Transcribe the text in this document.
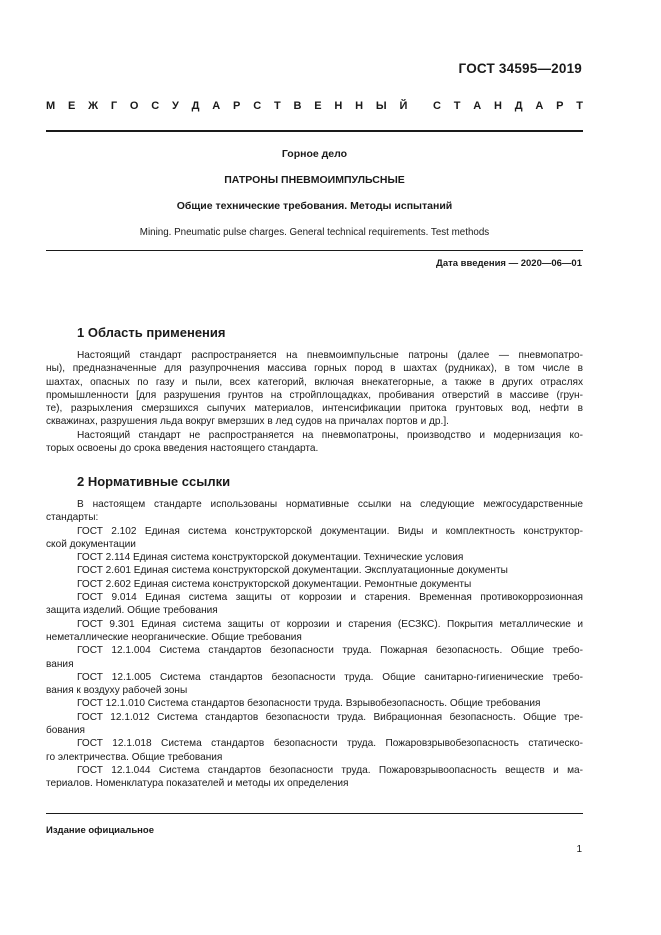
ГОСТ 34595—2019
М Е Ж Г О С У Д А Р С Т В Е Н Н Ы Й С Т А Н Д А Р Т
Горное дело
ПАТРОНЫ ПНЕВМОИМПУЛЬСНЫЕ
Общие технические требования. Методы испытаний
Mining. Pneumatic pulse charges. General technical requirements. Test methods
Дата введения — 2020—06—01
1 Область применения
Настоящий стандарт распространяется на пневмоимпульсные патроны (далее — пневмопатро-
ны), предназначенные для разупрочнения массива горных пород в шахтах (рудниках), в том числе в
шахтах, опасных по газу и пыли, всех категорий, включая внекатегорные, а также в других отраслях
промышленности [для разрушения грунтов на стройплощадках, пробивания отверстий в массиве (грун-
те), разрыхления смерзшихся сыпучих материалов, интенсификации притока грунтовых вод, нефти в
скважинах, разрушения льда вокруг вмерзших в лед судов на причалах портов и др.].
Настоящий стандарт не распространяется на пневмопатроны, производство и модернизация ко-
торых освоены до срока введения настоящего стандарта.
2 Нормативные ссылки
В настоящем стандарте использованы нормативные ссылки на следующие межгосударственные
стандарты:
ГОСТ 2.102 Единая система конструкторской документации. Виды и комплектность конструктор-
ской документации
ГОСТ 2.114 Единая система конструкторской документации. Технические условия
ГОСТ 2.601 Единая система конструкторской документации. Эксплуатационные документы
ГОСТ 2.602 Единая система конструкторской документации. Ремонтные документы
ГОСТ 9.014 Единая система защиты от коррозии и старения. Временная противокоррозионная
защита изделий. Общие требования
ГОСТ 9.301 Единая система защиты от коррозии и старения (ЕСЗКС). Покрытия металлические и
неметаллические неорганические. Общие требования
ГОСТ 12.1.004 Система стандартов безопасности труда. Пожарная безопасность. Общие требо-
вания
ГОСТ 12.1.005 Система стандартов безопасности труда. Общие санитарно-гигиенические требо-
вания к воздуху рабочей зоны
ГОСТ 12.1.010 Система стандартов безопасности труда. Взрывобезопасность. Общие требования
ГОСТ 12.1.012 Система стандартов безопасности труда. Вибрационная безопасность. Общие тре-
бования
ГОСТ 12.1.018 Система стандартов безопасности труда. Пожаровзрывобезопасность статическо-
го электричества. Общие требования
ГОСТ 12.1.044 Система стандартов безопасности труда. Пожаровзрывоопасность веществ и ма-
териалов. Номенклатура показателей и методы их определения
Издание официальное
1
